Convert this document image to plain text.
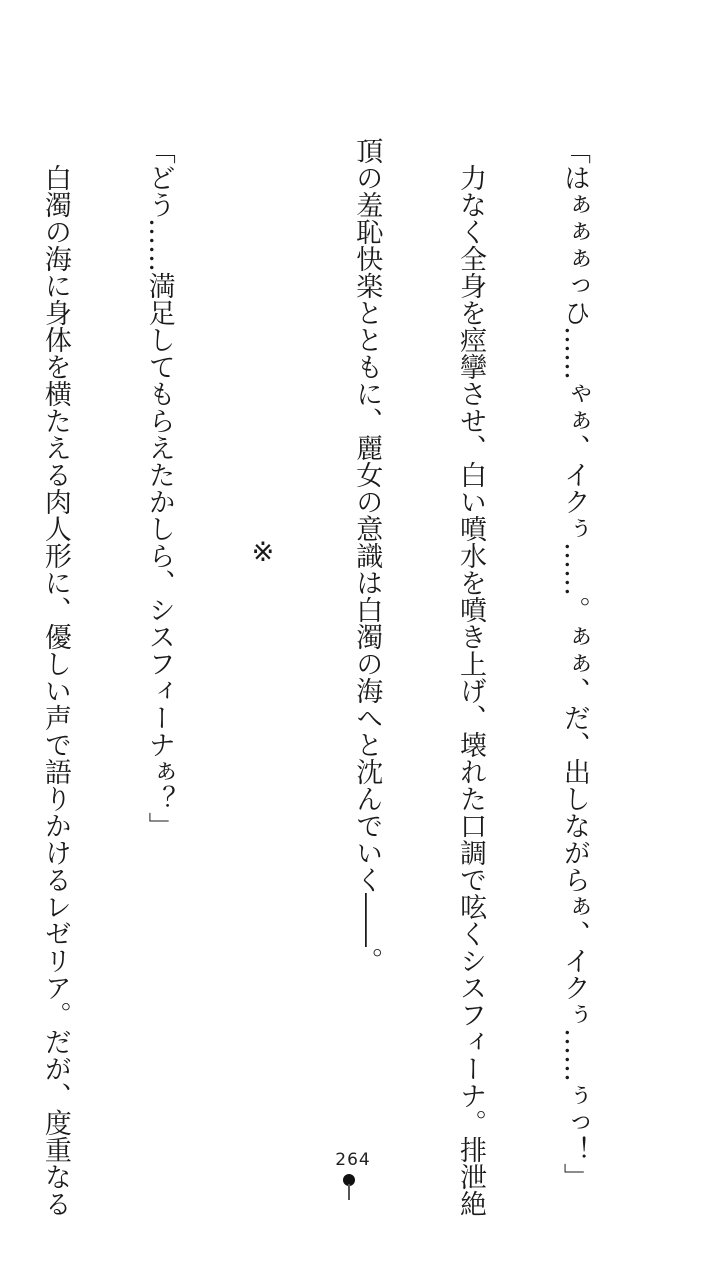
「はぁぁぁっひ……ゃぁ、イクぅ……。ぁぁ、だ、出しながらぁ、イクぅ……ぅっ！」

力なく全身を痙攣させ、白い噴水を噴き上げ、壊れた口調で呟くシスフィーナ。排泄絶

頂の羞恥快楽とともに、麗女の意識は白濁の海へと沈んでいく――。

※

「どう……満足してもらえたかしら、シスフィーナぁ？」

白濁の海に身体を横たえる肉人形に、優しい声で語りかけるレゼリア。だが、度重なる

	264
